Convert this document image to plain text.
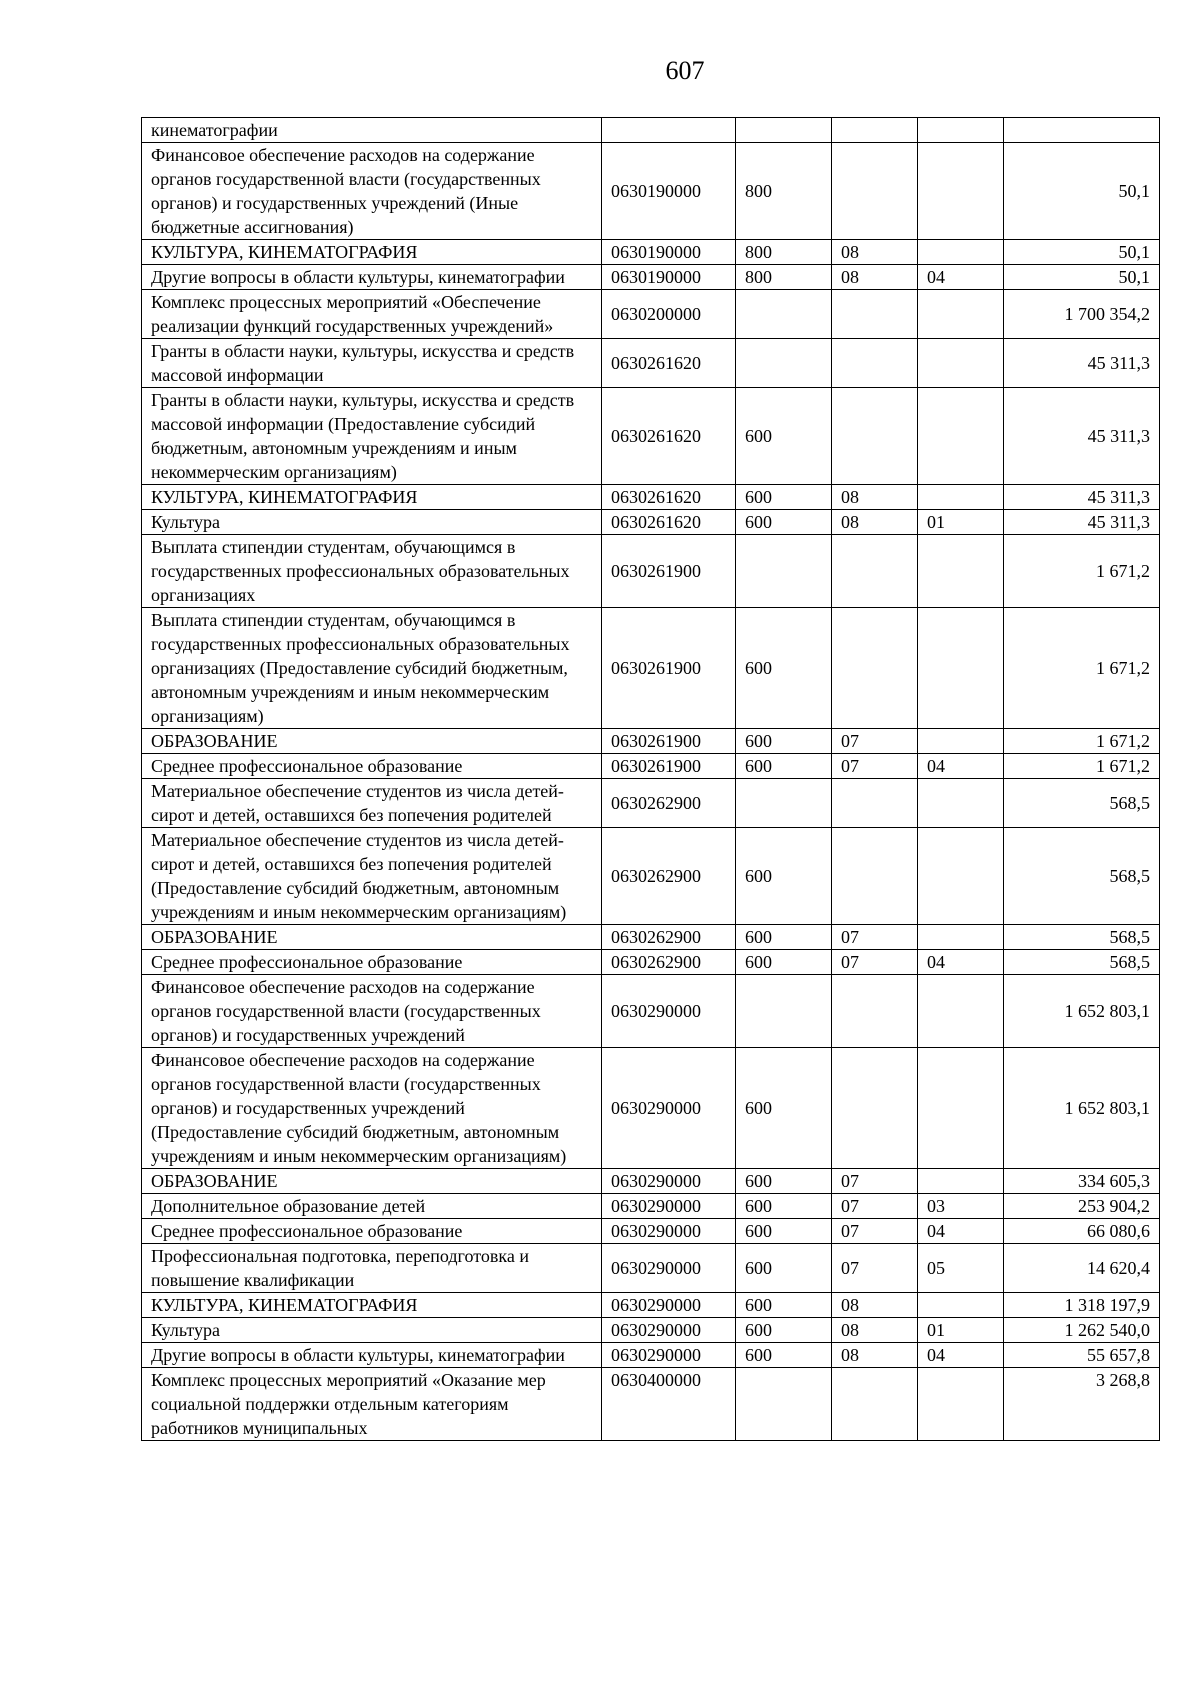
607
кинематографии					
Финансовое обеспечение расходов на содержание органов государственной власти (государственных органов) и государственных учреждений (Иные бюджетные ассигнования)	0630190000	800			50,1
КУЛЬТУРА, КИНЕМАТОГРАФИЯ	0630190000	800	08		50,1
Другие вопросы в области культуры, кинематографии	0630190000	800	08	04	50,1
Комплекс процессных мероприятий «Обеспечение реализации функций государственных учреждений»	0630200000				1 700 354,2
Гранты в области науки, культуры, искусства и средств массовой информации	0630261620				45 311,3
Гранты в области науки, культуры, искусства и средств массовой информации (Предоставление субсидий бюджетным, автономным учреждениям и иным некоммерческим организациям)	0630261620	600			45 311,3
КУЛЬТУРА, КИНЕМАТОГРАФИЯ	0630261620	600	08		45 311,3
Культура	0630261620	600	08	01	45 311,3
Выплата стипендии студентам, обучающимся в государственных профессиональных образовательных организациях	0630261900				1 671,2
Выплата стипендии студентам, обучающимся в государственных профессиональных образовательных организациях (Предоставление субсидий бюджетным, автономным учреждениям и иным некоммерческим организациям)	0630261900	600			1 671,2
ОБРАЗОВАНИЕ	0630261900	600	07		1 671,2
Среднее профессиональное образование	0630261900	600	07	04	1 671,2
Материальное обеспечение студентов из числа детей-сирот и детей, оставшихся без попечения родителей	0630262900				568,5
Материальное обеспечение студентов из числа детей-сирот и детей, оставшихся без попечения родителей (Предоставление субсидий бюджетным, автономным учреждениям и иным некоммерческим организациям)	0630262900	600			568,5
ОБРАЗОВАНИЕ	0630262900	600	07		568,5
Среднее профессиональное образование	0630262900	600	07	04	568,5
Финансовое обеспечение расходов на содержание органов государственной власти (государственных органов) и государственных учреждений	0630290000				1 652 803,1
Финансовое обеспечение расходов на содержание органов государственной власти (государственных органов) и государственных учреждений (Предоставление субсидий бюджетным, автономным учреждениям и иным некоммерческим организациям)	0630290000	600			1 652 803,1
ОБРАЗОВАНИЕ	0630290000	600	07		334 605,3
Дополнительное образование детей	0630290000	600	07	03	253 904,2
Среднее профессиональное образование	0630290000	600	07	04	66 080,6
Профессиональная подготовка, переподготовка и повышение квалификации	0630290000	600	07	05	14 620,4
КУЛЬТУРА, КИНЕМАТОГРАФИЯ	0630290000	600	08		1 318 197,9
Культура	0630290000	600	08	01	1 262 540,0
Другие вопросы в области культуры, кинематографии	0630290000	600	08	04	55 657,8
Комплекс процессных мероприятий «Оказание мер социальной поддержки отдельным категориям работников муниципальных	0630400000				3 268,8
